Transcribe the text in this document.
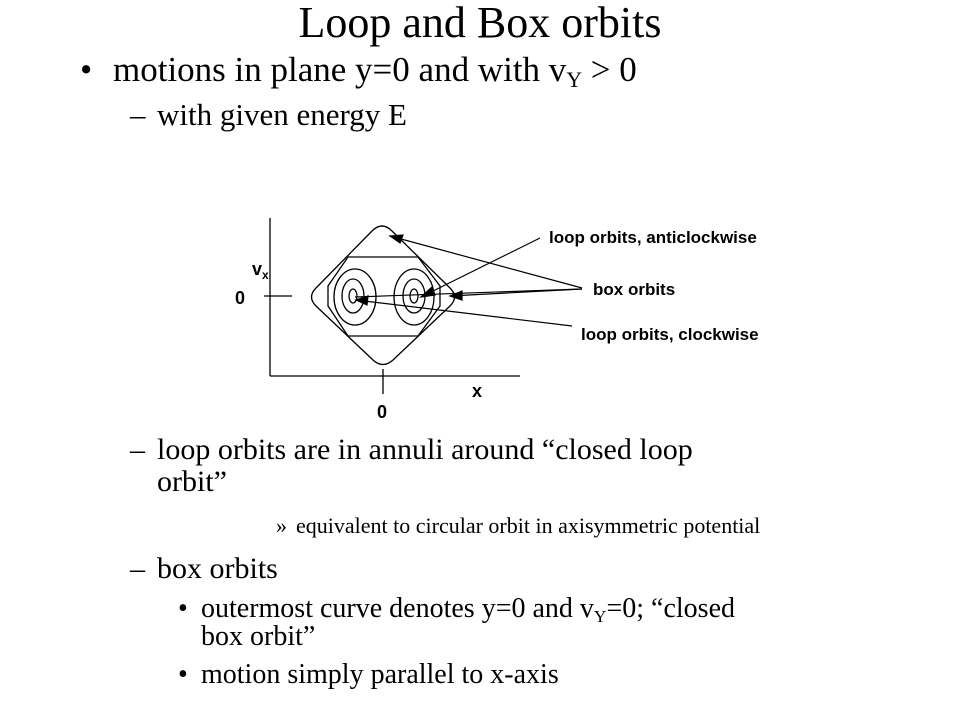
Loop and Box orbits
• motions in plane y=0 and with $v_Y > 0$
– with given energy E
$v_x$
0
x
0
loop orbits, anticlockwise
box orbits
loop orbits, clockwise
– loop orbits are in annuli around “closed loop
orbit”
» equivalent to circular orbit in axisymmetric potential
– box orbits
• outermost curve denotes y=0 and $v_Y=0$; “closed
box orbit”
• motion simply parallel to x-axis
